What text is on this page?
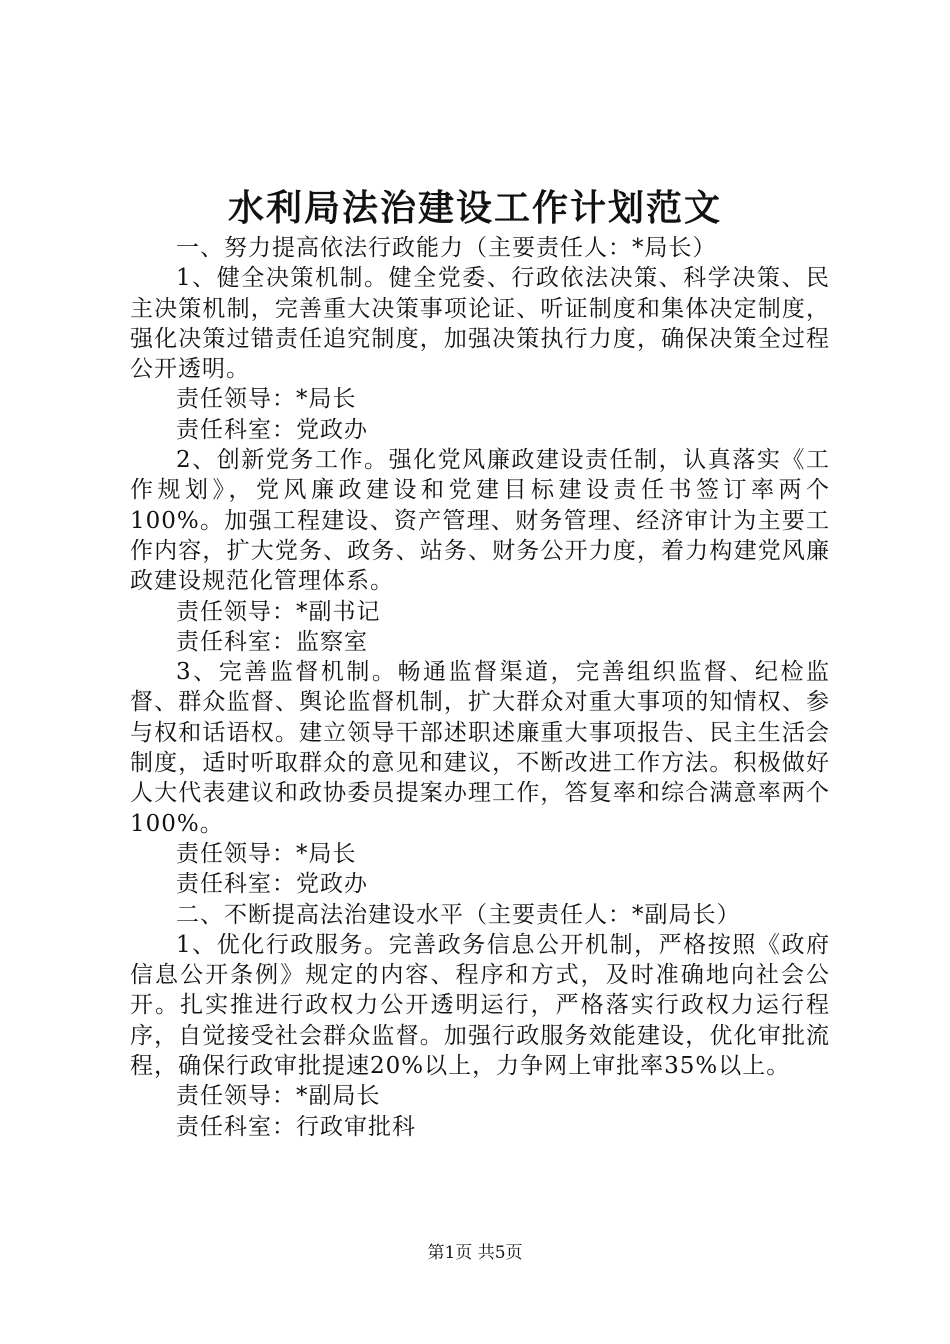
水利局法治建设工作计划范文

一、努力提高依法行政能力（主要责任人：*局长）

1、健全决策机制。健全党委、行政依法决策、科学决策、民主决策机制，完善重大决策事项论证、听证制度和集体决定制度，强化决策过错责任追究制度，加强决策执行力度，确保决策全过程公开透明。

责任领导：*局长

责任科室：党政办

2、创新党务工作。强化党风廉政建设责任制，认真落实《工作规划》，党风廉政建设和党建目标建设责任书签订率两个100%。加强工程建设、资产管理、财务管理、经济审计为主要工作内容，扩大党务、政务、站务、财务公开力度，着力构建党风廉政建设规范化管理体系。

责任领导：*副书记

责任科室：监察室

3、完善监督机制。畅通监督渠道，完善组织监督、纪检监督、群众监督、舆论监督机制，扩大群众对重大事项的知情权、参与权和话语权。建立领导干部述职述廉重大事项报告、民主生活会制度，适时听取群众的意见和建议，不断改进工作方法。积极做好人大代表建议和政协委员提案办理工作，答复率和综合满意率两个100%。

责任领导：*局长

责任科室：党政办

二、不断提高法治建设水平（主要责任人：*副局长）

1、优化行政服务。完善政务信息公开机制，严格按照《政府信息公开条例》规定的内容、程序和方式，及时准确地向社会公开。扎实推进行政权力公开透明运行，严格落实行政权力运行程序，自觉接受社会群众监督。加强行政服务效能建设，优化审批流程，确保行政审批提速20%以上，力争网上审批率35%以上。

责任领导：*副局长

责任科室：行政审批科

第1页 共5页
